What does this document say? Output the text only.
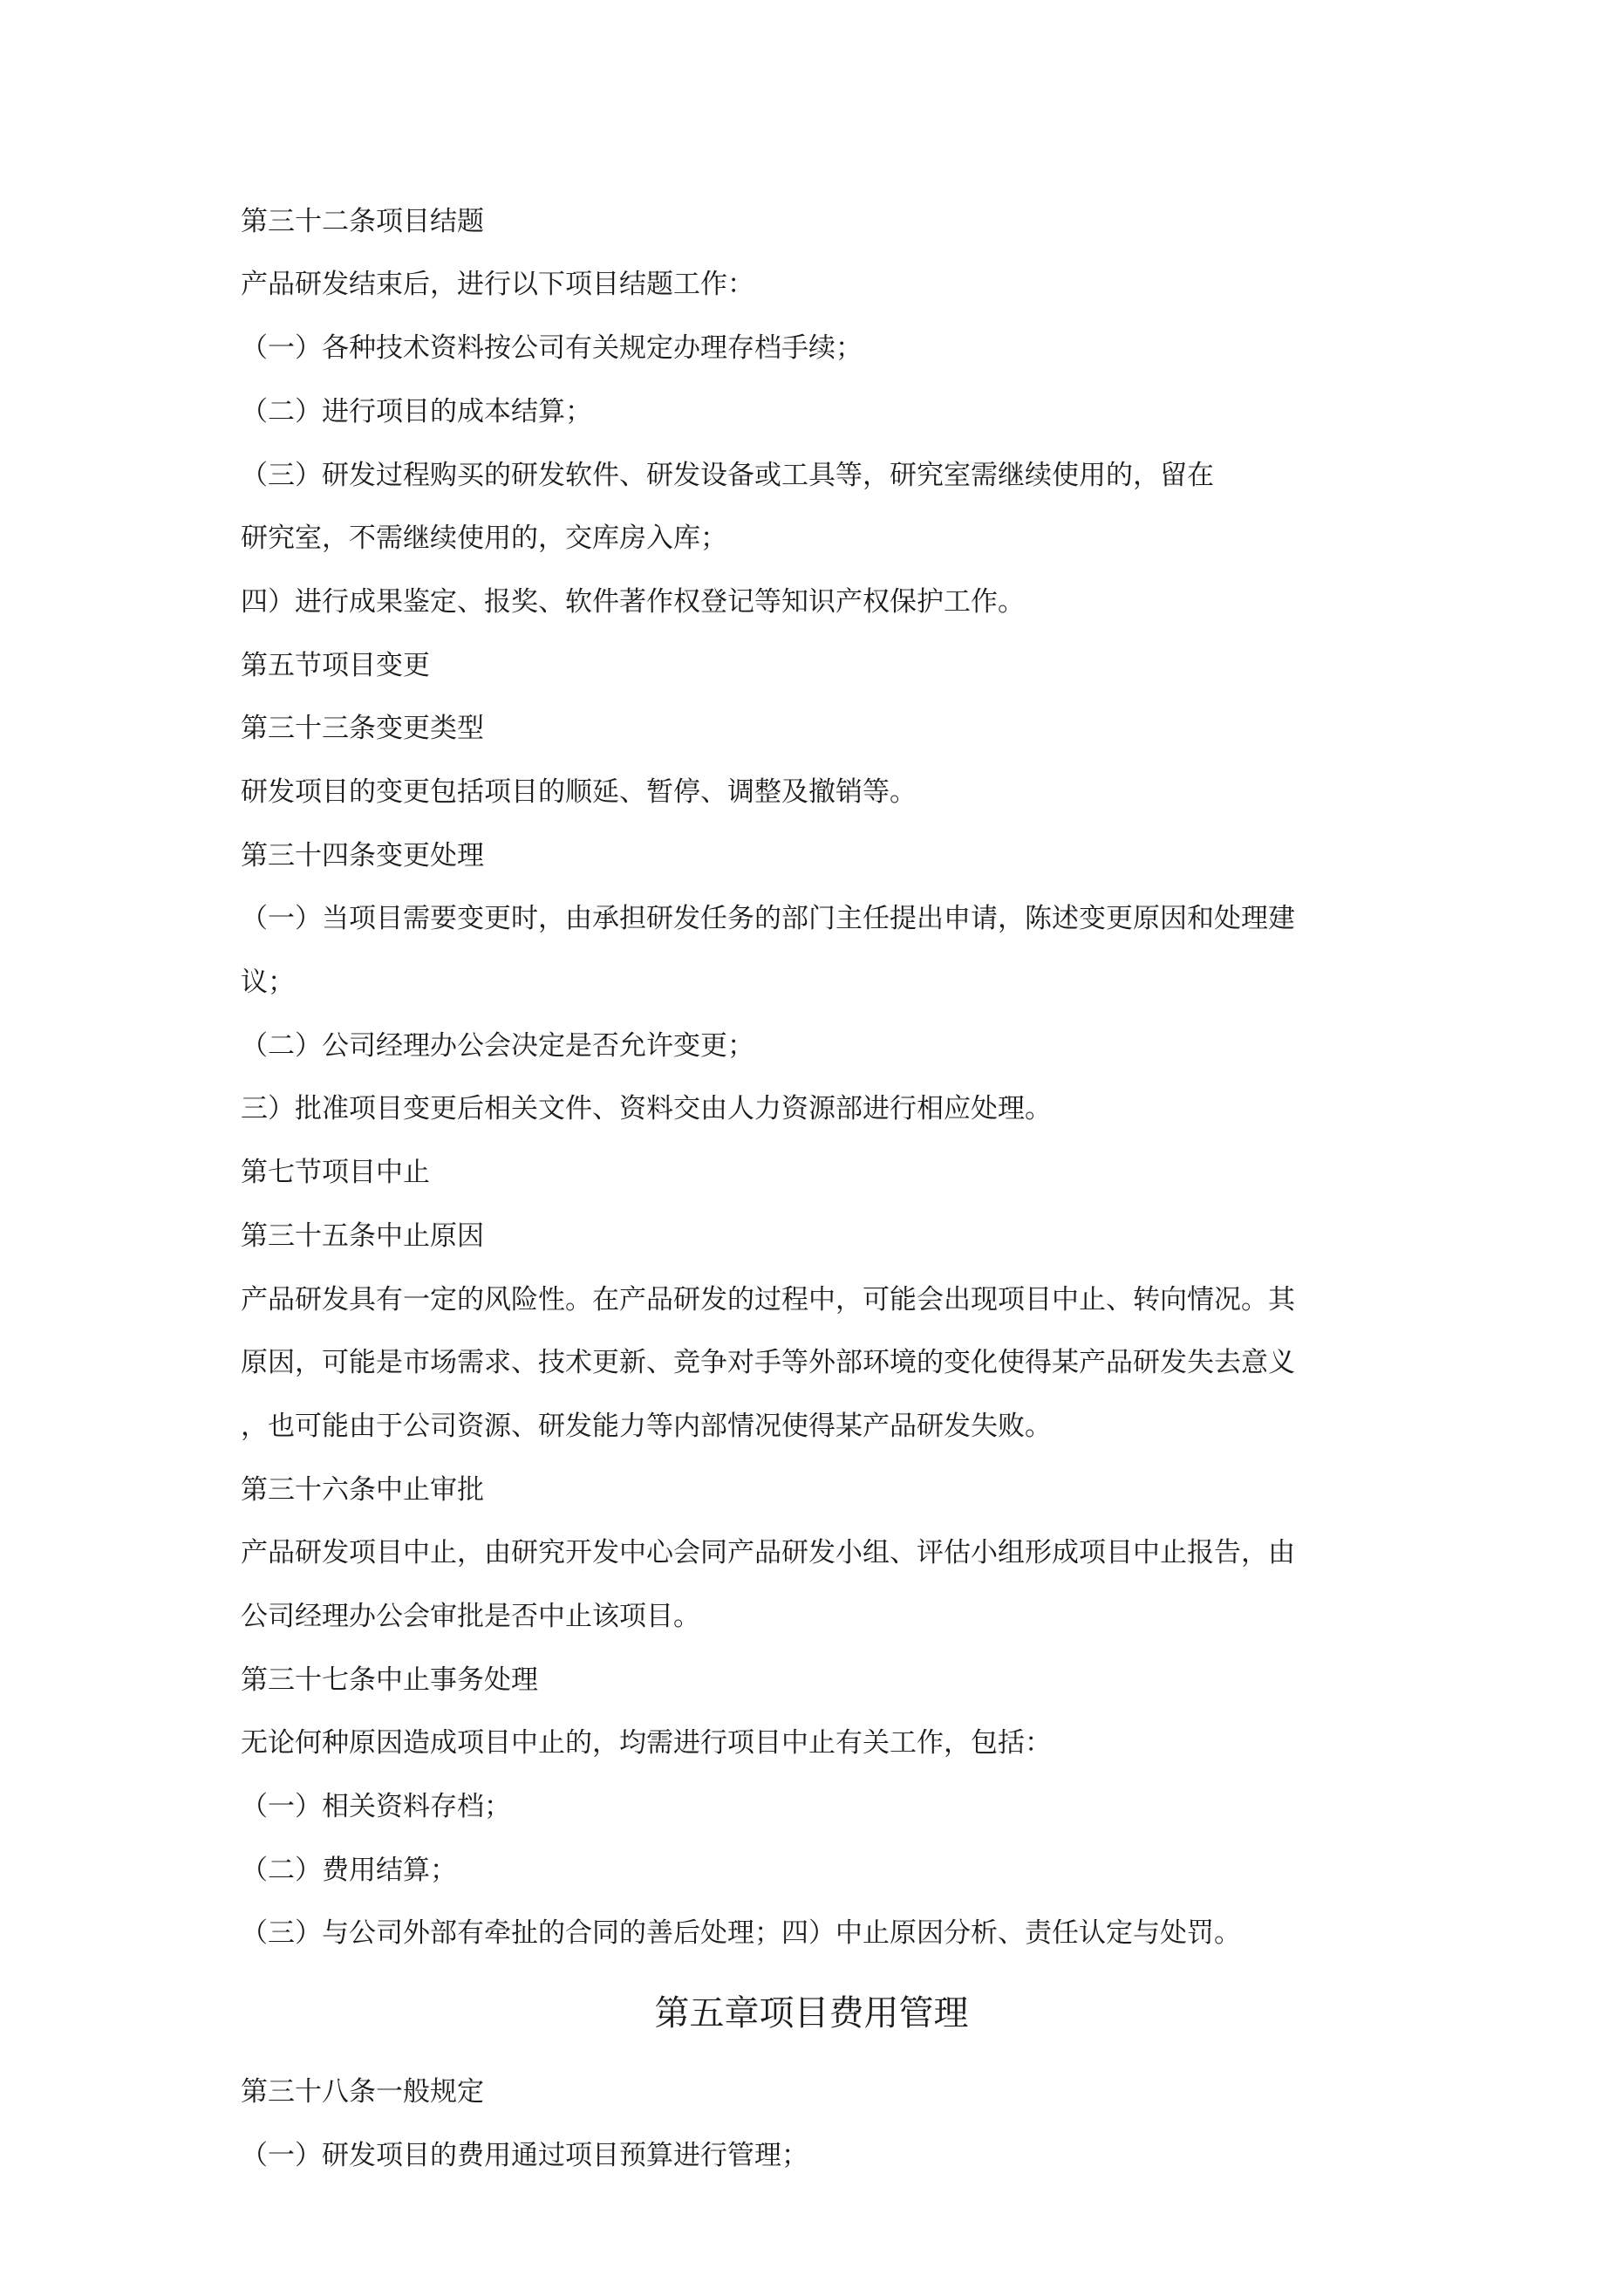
第三十二条项目结题
产品研发结束后，进行以下项目结题工作：
（一）各种技术资料按公司有关规定办理存档手续；
（二）进行项目的成本结算；
（三）研发过程购买的研发软件、研发设备或工具等，研究室需继续使用的，留在
研究室，不需继续使用的，交库房入库；
四）进行成果鉴定、报奖、软件著作权登记等知识产权保护工作。
第五节项目变更
第三十三条变更类型
研发项目的变更包括项目的顺延、暂停、调整及撤销等。
第三十四条变更处理
（一）当项目需要变更时，由承担研发任务的部门主任提出申请，陈述变更原因和处理建
议；
（二）公司经理办公会决定是否允许变更；
三）批准项目变更后相关文件、资料交由人力资源部进行相应处理。
第七节项目中止
第三十五条中止原因
产品研发具有一定的风险性。在产品研发的过程中，可能会出现项目中止、转向情况。其
原因，可能是市场需求、技术更新、竞争对手等外部环境的变化使得某产品研发失去意义
，也可能由于公司资源、研发能力等内部情况使得某产品研发失败。
第三十六条中止审批
产品研发项目中止，由研究开发中心会同产品研发小组、评估小组形成项目中止报告，由
公司经理办公会审批是否中止该项目。
第三十七条中止事务处理
无论何种原因造成项目中止的，均需进行项目中止有关工作，包括：
（一）相关资料存档；
（二）费用结算；
（三）与公司外部有牵扯的合同的善后处理；四）中止原因分析、责任认定与处罚。
第五章项目费用管理
第三十八条一般规定
（一）研发项目的费用通过项目预算进行管理；
